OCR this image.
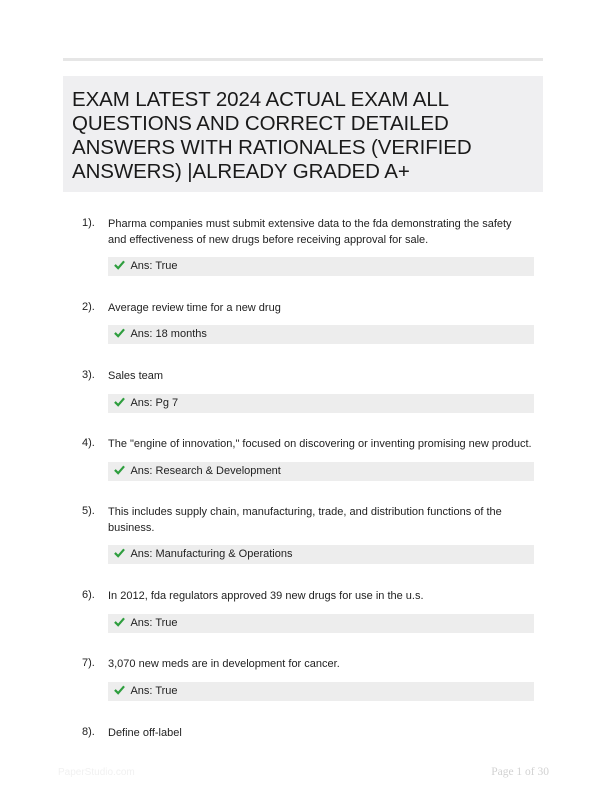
EXAM LATEST 2024 ACTUAL EXAM ALL QUESTIONS AND CORRECT DETAILED ANSWERS WITH RATIONALES (VERIFIED ANSWERS) |ALREADY GRADED A+
1). Pharma companies must submit extensive data to the fda demonstrating the safety and effectiveness of new drugs before receiving approval for sale.
Ans: True
2). Average review time for a new drug
Ans: 18 months
3). Sales team
Ans: Pg 7
4). The "engine of innovation," focused on discovering or inventing promising new product.
Ans: Research & Development
5). This includes supply chain, manufacturing, trade, and distribution functions of the business.
Ans: Manufacturing & Operations
6). In 2012, fda regulators approved 39 new drugs for use in the u.s.
Ans: True
7). 3,070 new meds are in development for cancer.
Ans: True
8). Define off-label
PaperStudio.com	Page 1 of 30
